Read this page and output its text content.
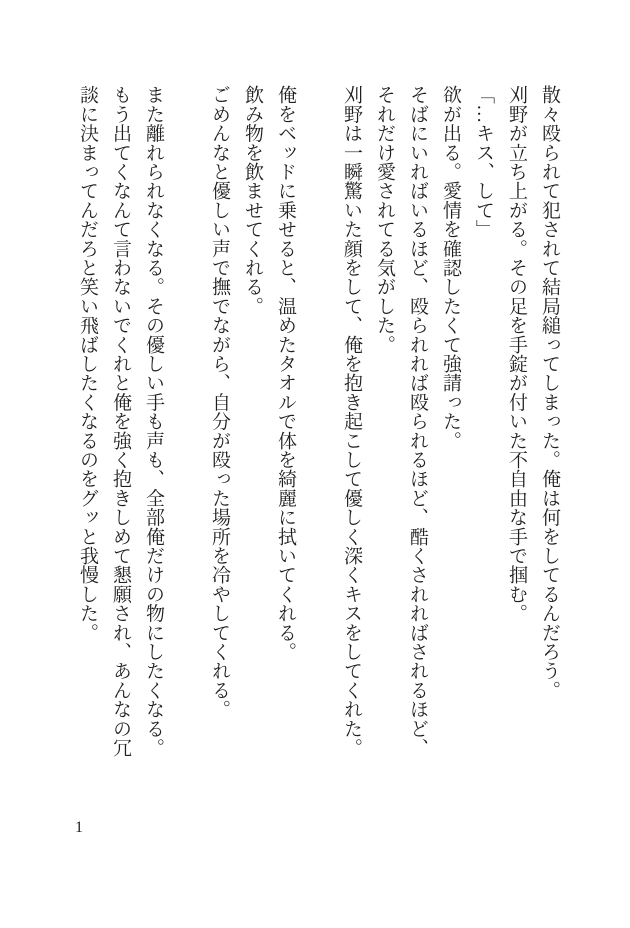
散々殴られて犯されて結局縋ってしまった。俺は何をしてるんだろう。

刈野が立ち上がる。その足を手錠が付いた不自由な手で掴む。

「…キス、して」

欲が出る。愛情を確認したくて強請った。

そばにいればいるほど、殴られれば殴られるほど、酷くされればされるほど、それだけ愛されてる気がした。

刈野は一瞬驚いた顔をして、俺を抱き起こして優しく深くキスをしてくれた。

俺をベッドに乗せると、温めたタオルで体を綺麗に拭いてくれる。

飲み物を飲ませてくれる。

ごめんなと優しい声で撫でながら、自分が殴った場所を冷やしてくれる。

また離れられなくなる。その優しい手も声も、全部俺だけの物にしたくなる。

もう出てくなんて言わないでくれと俺を強く抱きしめて懇願され、あんなの冗談に決まってんだろと笑い飛ばしたくなるのをグッと我慢した。

1
